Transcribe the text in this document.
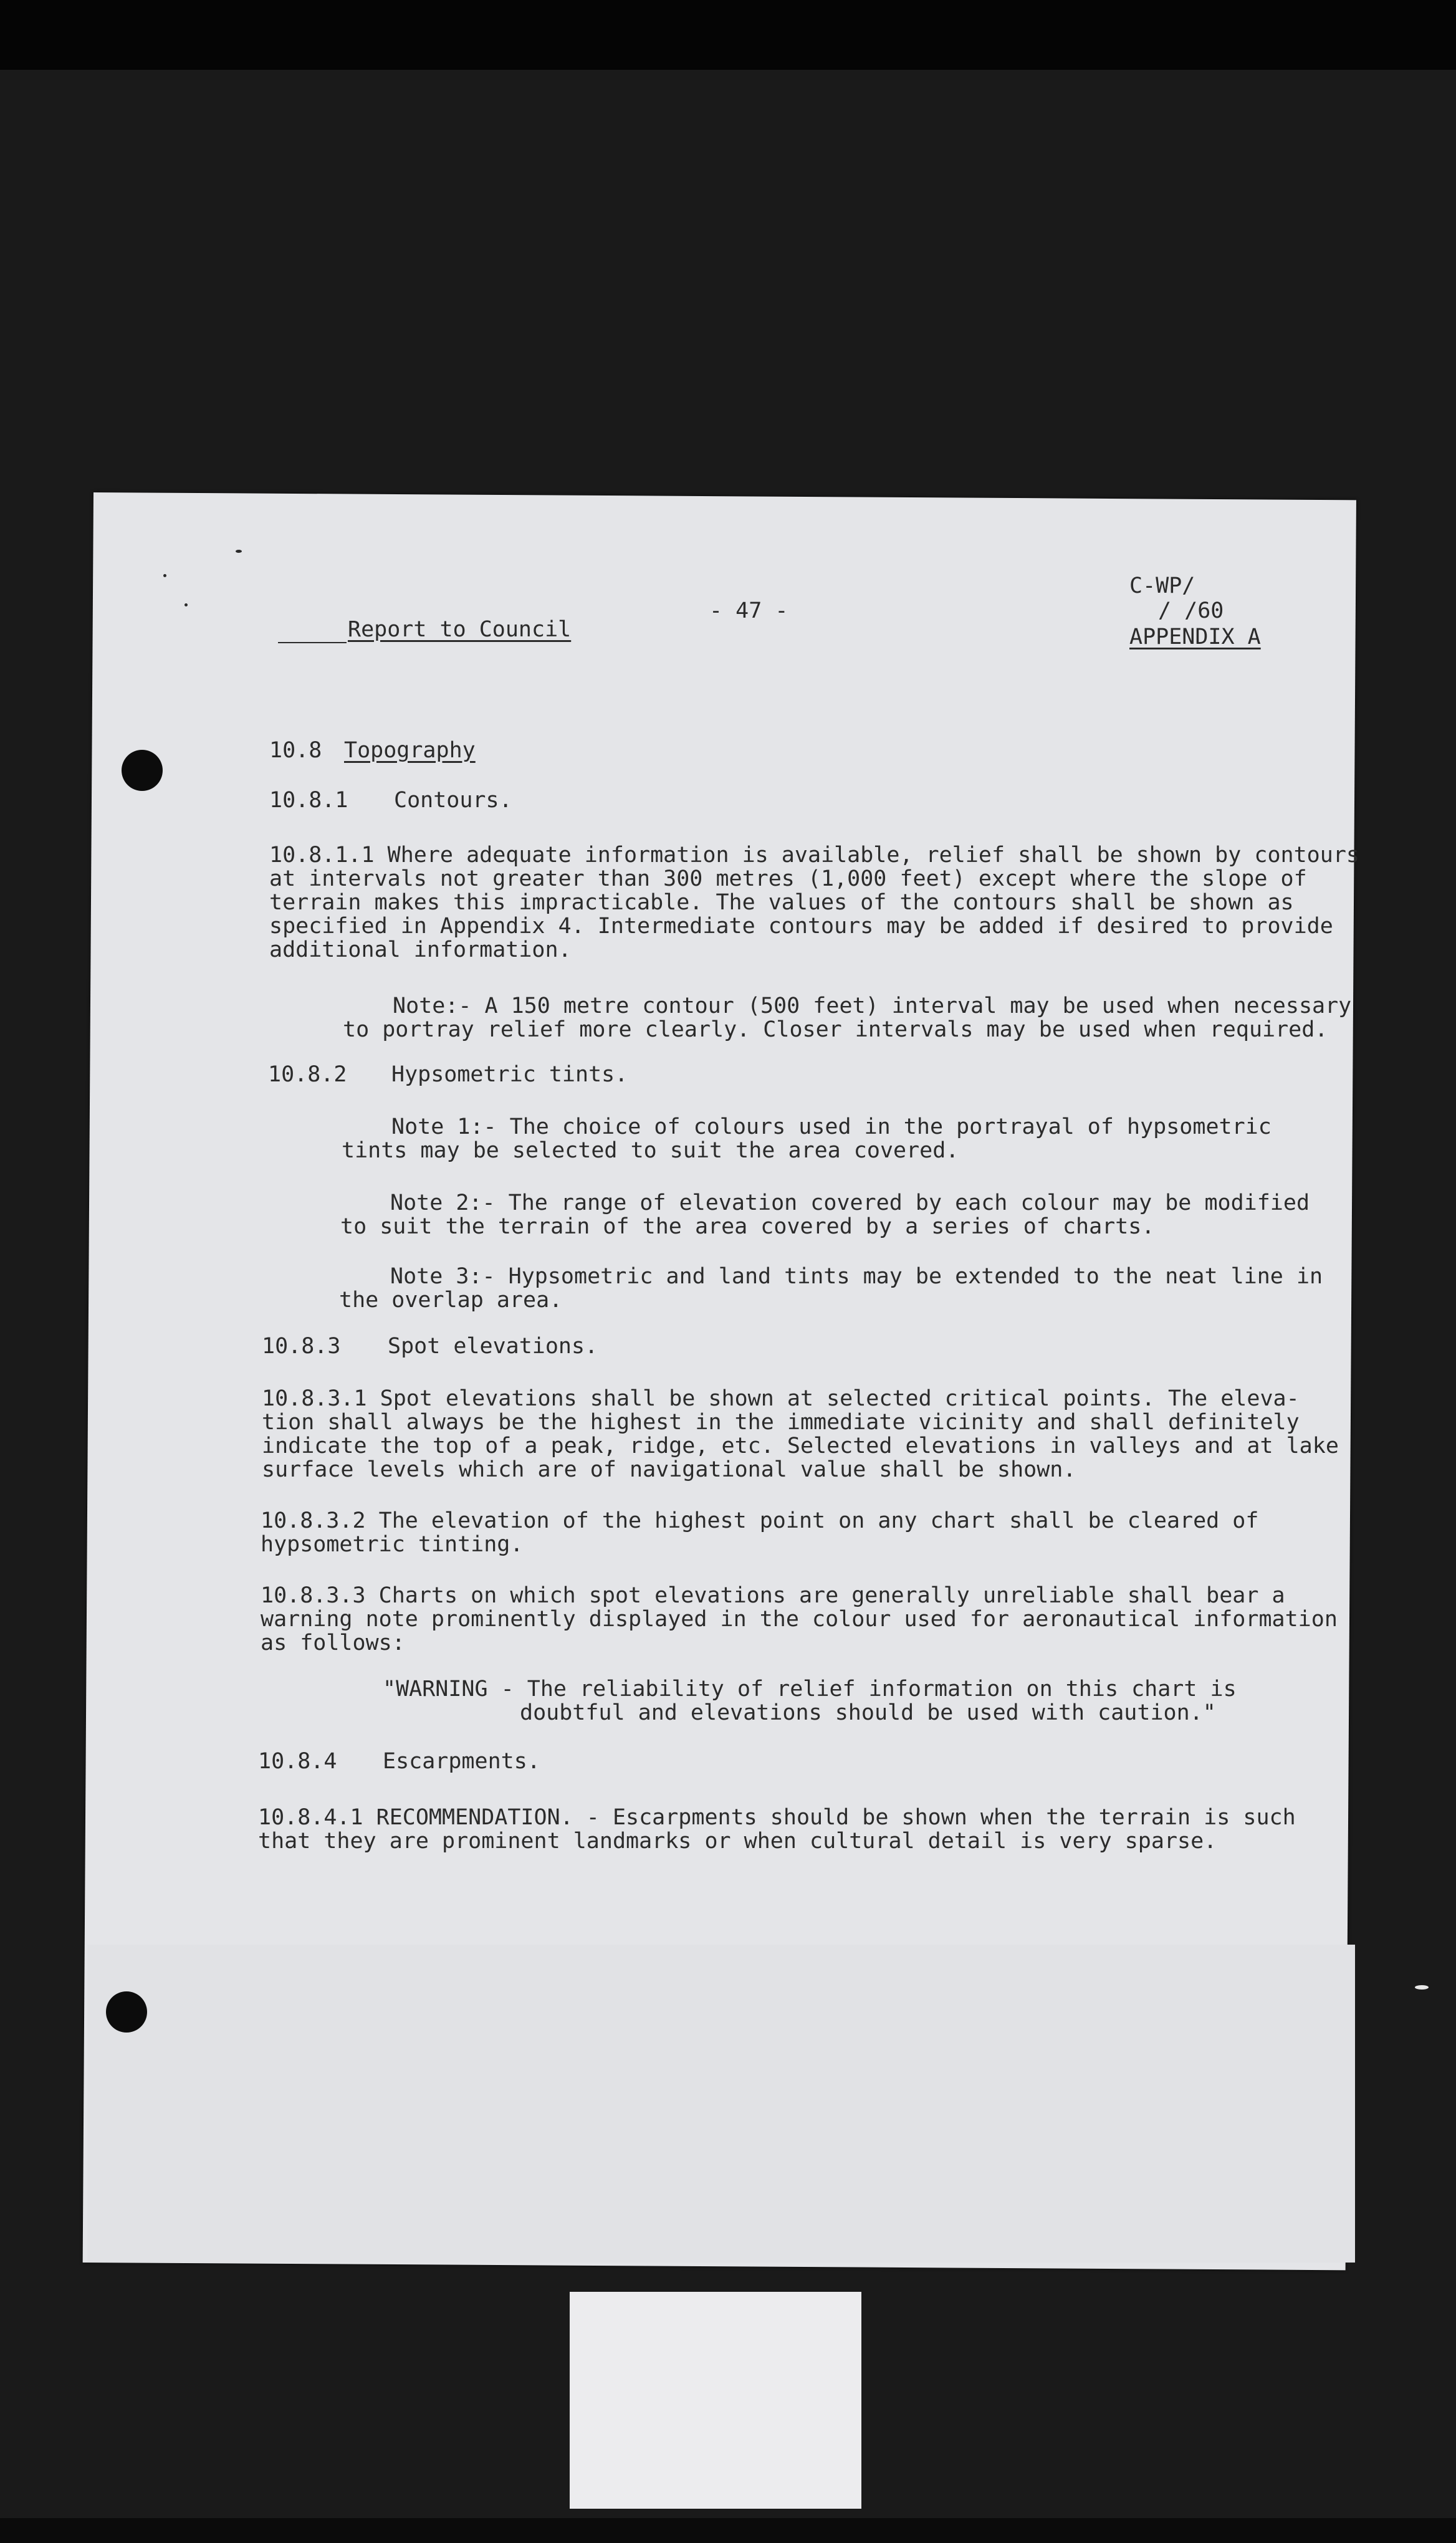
Report to Council
- 47 -
C-WP/
/ /60
APPENDIX A
10.8 Topography
10.8.1 Contours.
10.8.1.1 Where adequate information is available, relief shall be shown by contours
at intervals not greater than 300 metres (1,000 feet) except where the slope of
terrain makes this impracticable. The values of the contours shall be shown as
specified in Appendix 4. Intermediate contours may be added if desired to provide
additional information.
Note:- A 150 metre contour (500 feet) interval may be used when necessary
to portray relief more clearly. Closer intervals may be used when required.
10.8.2 Hypsometric tints.
Note 1:- The choice of colours used in the portrayal of hypsometric
tints may be selected to suit the area covered.
Note 2:- The range of elevation covered by each colour may be modified
to suit the terrain of the area covered by a series of charts.
Note 3:- Hypsometric and land tints may be extended to the neat line in
the overlap area.
10.8.3 Spot elevations.
10.8.3.1 Spot elevations shall be shown at selected critical points. The eleva-
tion shall always be the highest in the immediate vicinity and shall definitely
indicate the top of a peak, ridge, etc. Selected elevations in valleys and at lake
surface levels which are of navigational value shall be shown.
10.8.3.2 The elevation of the highest point on any chart shall be cleared of
hypsometric tinting.
10.8.3.3 Charts on which spot elevations are generally unreliable shall bear a
warning note prominently displayed in the colour used for aeronautical information
as follows:
"WARNING - The reliability of relief information on this chart is
doubtful and elevations should be used with caution."
10.8.4 Escarpments.
10.8.4.1 RECOMMENDATION. - Escarpments should be shown when the terrain is such
that they are prominent landmarks or when cultural detail is very sparse.
